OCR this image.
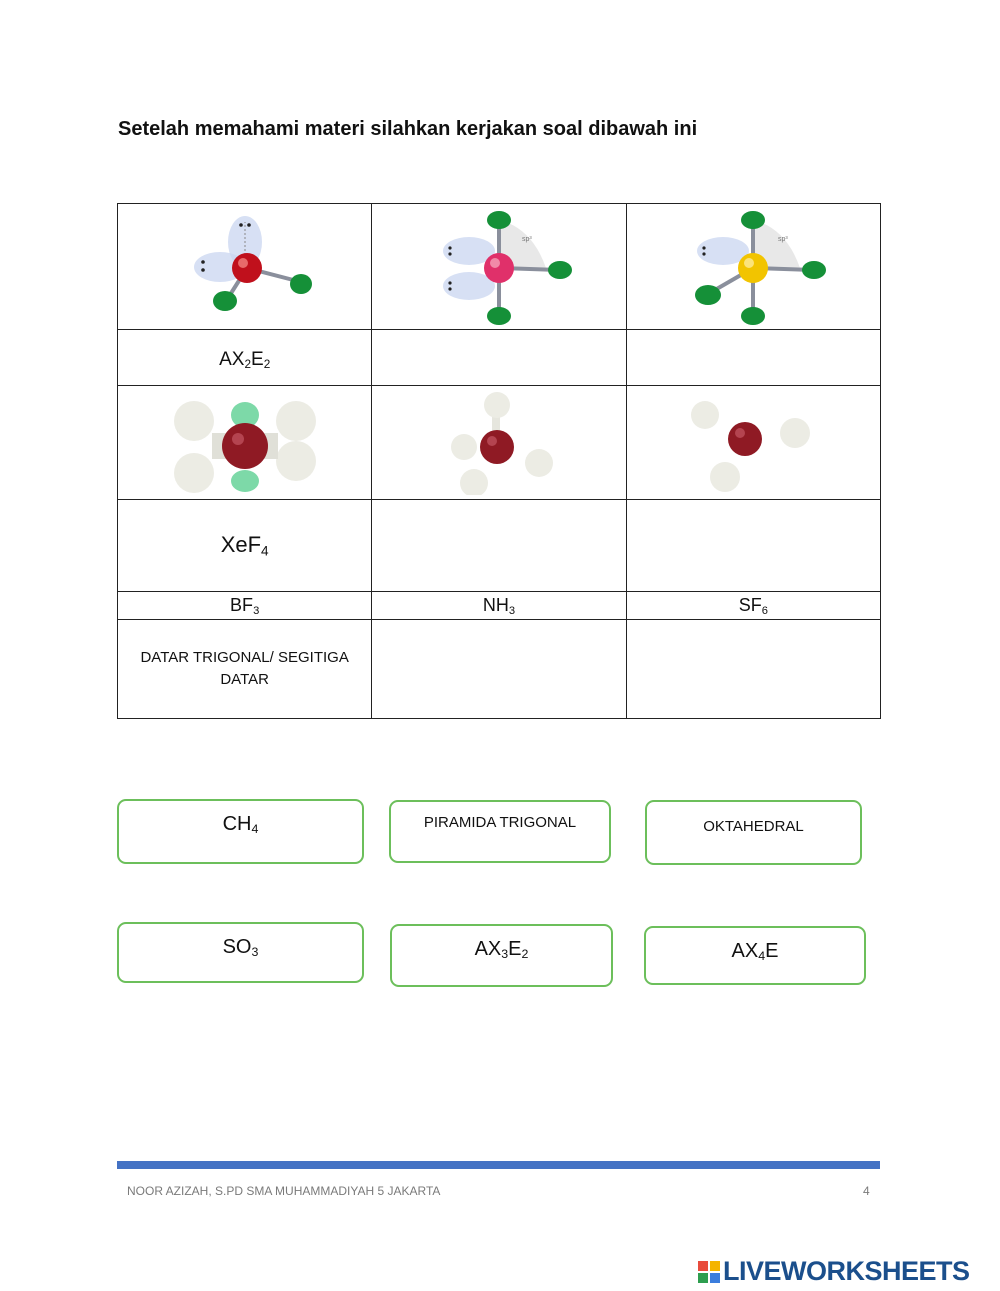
Setelah memahami materi silahkan kerjakan soal dibawah ini

sp³	sp³

$AX_2E_2$

XeF$_4$

$BF_3$	$NH_3$	$SF_6$

DATAR TRIGONAL/ SEGITIGA DATAR		

$CH_4$	PIRAMIDA TRIGONAL	OKTAHEDRAL
$SO_3$	$AX_3E_2$	$AX_4E$
NOOR AZIZAH, S.PD SMA MUHAMMADIYAH 5 JAKARTA	4
LIVEWORKSHEETS
